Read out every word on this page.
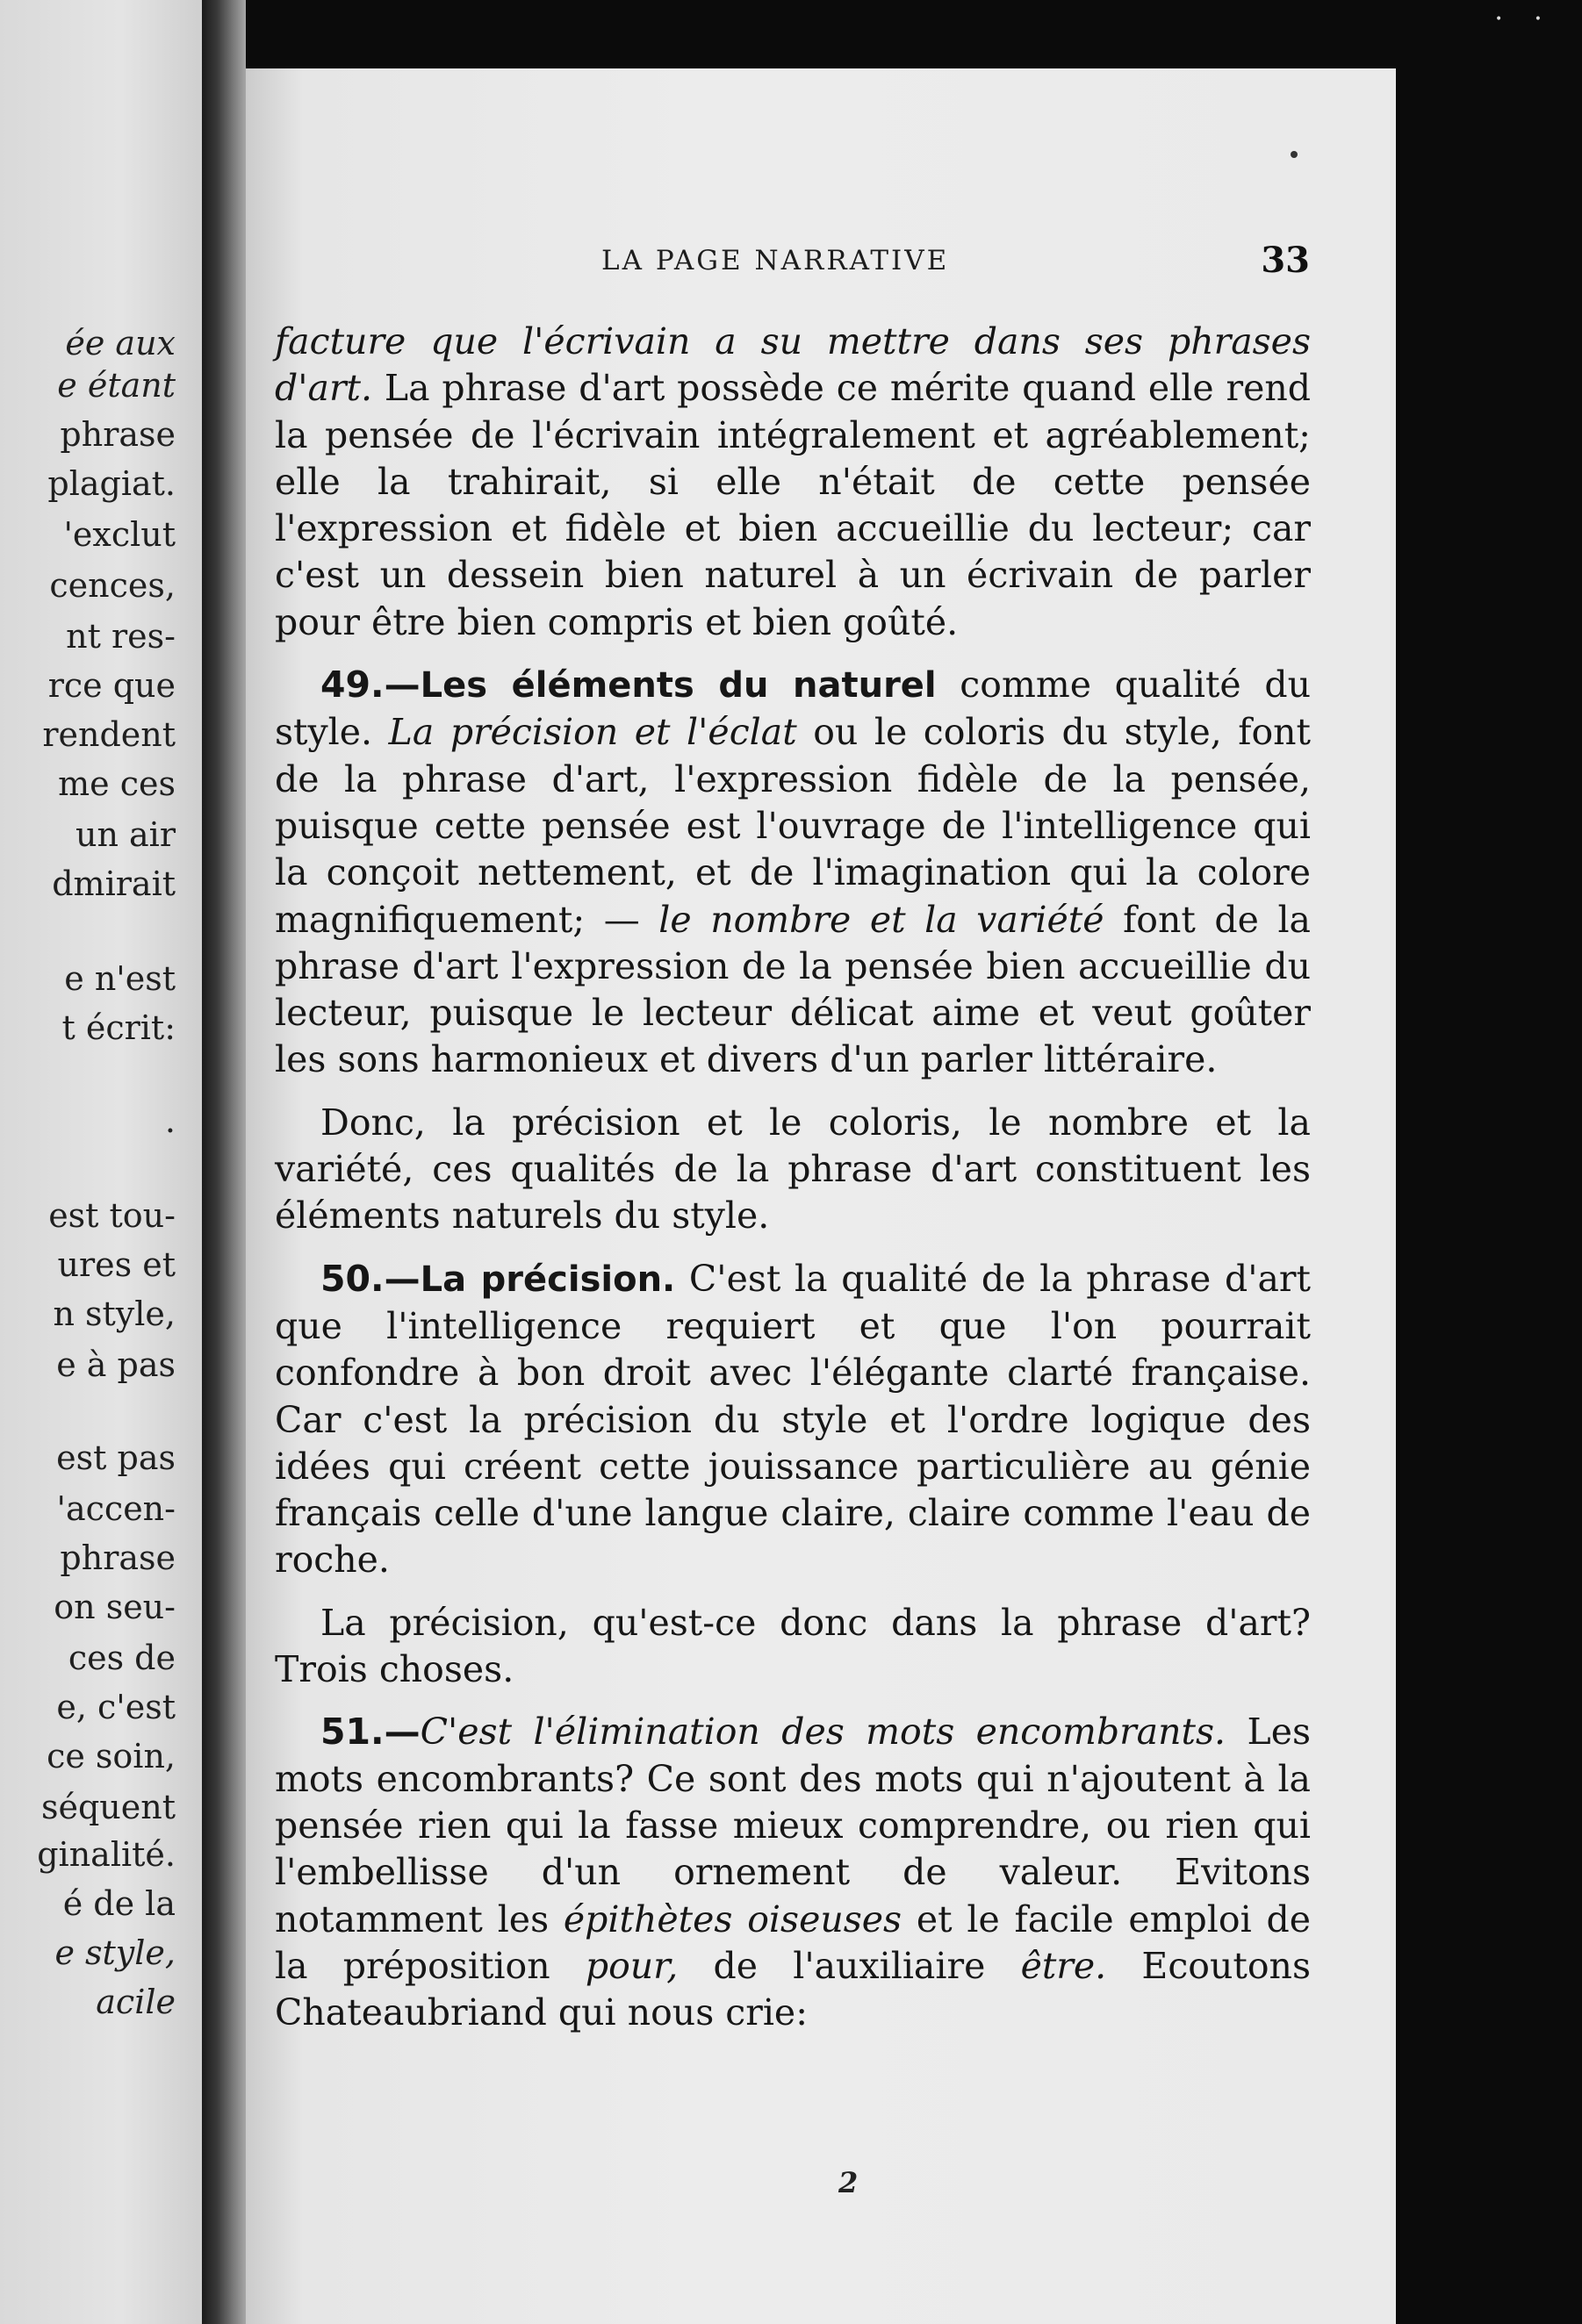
• •
ée aux
e étant
phrase
plagiat.
'exclut
cences,
nt res-
rce que
rendent
me ces
un air
dmirait
e n'est
t écrit:
.
est tou-
ures et
n style,
e à pas
est pas
'accen-
phrase
on seu-
ces de
e, c'est
ce soin,
séquent
ginalité.
é de la
e style,
acile
LA PAGE NARRATIVE	33

facture que l'écrivain a su mettre dans ses phrases d'art. La phrase d'art possède ce mérite quand elle rend la pensée de l'écrivain intégralement et agréablement; elle la trahirait, si elle n'était de cette pensée l'expression et fidèle et bien accueillie du lecteur; car c'est un dessein bien naturel à un écrivain de parler pour être bien compris et bien goûté.

49.—Les éléments du naturel comme qualité du style. La précision et l'éclat ou le coloris du style, font de la phrase d'art, l'expression fidèle de la pensée, puisque cette pensée est l'ouvrage de l'intelligence qui la conçoit nettement, et de l'imagination qui la colore magnifiquement; — le nombre et la variété font de la phrase d'art l'expression de la pensée bien accueillie du lecteur, puisque le lecteur délicat aime et veut goûter les sons harmonieux et divers d'un parler littéraire.

Donc, la précision et le coloris, le nombre et la variété, ces qualités de la phrase d'art constituent les éléments naturels du style.

50.—La précision. C'est la qualité de la phrase d'art que l'intelligence requiert et que l'on pourrait confondre à bon droit avec l'élégante clarté française. Car c'est la précision du style et l'ordre logique des idées qui créent cette jouissance particulière au génie français celle d'une langue claire, claire comme l'eau de roche.

La précision, qu'est-ce donc dans la phrase d'art? Trois choses.

51.—C'est l'élimination des mots encombrants. Les mots encombrants? Ce sont des mots qui n'ajoutent à la pensée rien qui la fasse mieux comprendre, ou rien qui l'embellisse d'un ornement de valeur. Evitons notamment les épithètes oiseuses et le facile emploi de la préposition pour, de l'auxiliaire être. Ecoutons Chateaubriand qui nous crie:

2
